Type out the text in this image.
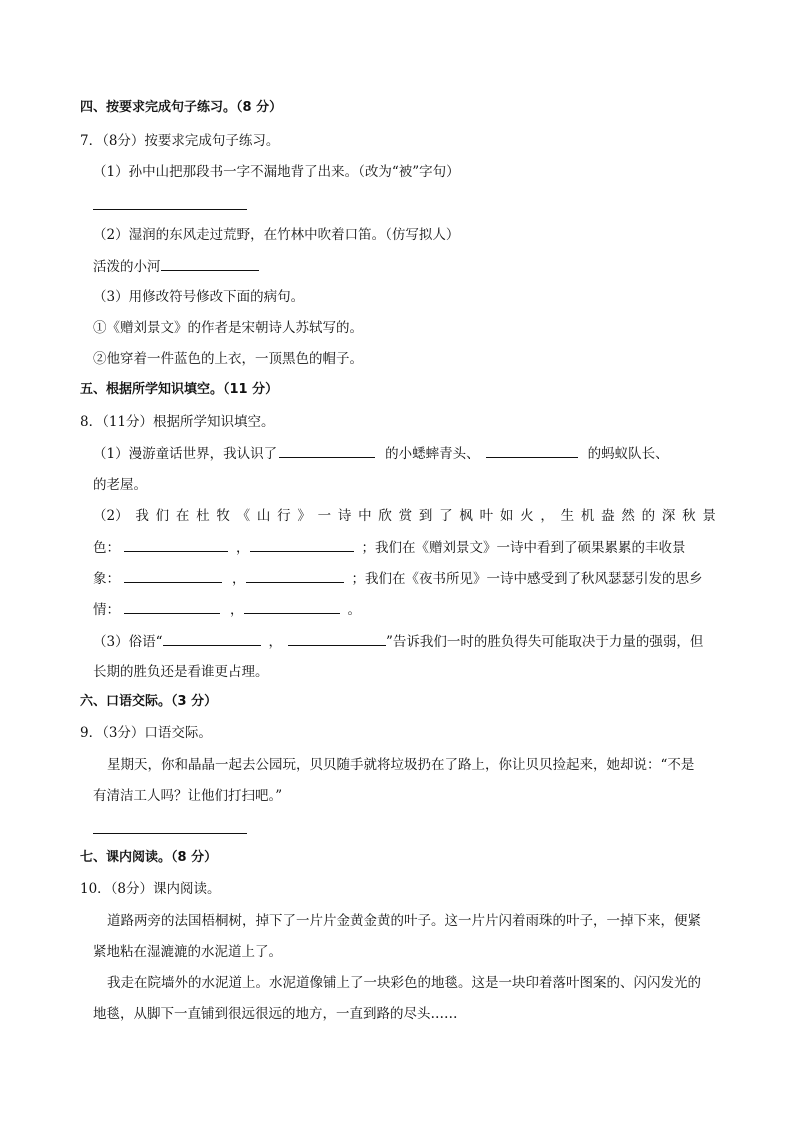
四、按要求完成句子练习。（8 分）
7．（8分）按要求完成句子练习。
（1）孙中山把那段书一字不漏地背了出来。（改为“被”字句）
（2）湿润的东风走过荒野，在竹林中吹着口笛。（仿写拟人）
活泼的小河
（3）用修改符号修改下面的病句。
①《赠刘景文》的作者是宋朝诗人苏轼写的。
②他穿着一件蓝色的上衣，一顶黑色的帽子。
五、根据所学知识填空。（11 分）
8．（11分）根据所学知识填空。
（1）漫游童话世界，我认识了	的小蟋蟀青头、	的蚂蚁队长、
的老屋。
（2） 我 们 在 杜 牧 《 山 行 》 一 诗 中 欣 赏 到 了 枫 叶 如 火 ， 生 机 盎 然 的 深 秋 景
色：	，	；我们在《赠刘景文》一诗中看到了硕果累累的丰收景
象：	，	；我们在《夜书所见》一诗中感受到了秋风瑟瑟引发的思乡
情：	，	。
（3）俗语“	，	”告诉我们一时的胜负得失可能取决于力量的强弱，但
长期的胜负还是看谁更占理。
六、口语交际。（3 分）
9．（3分）口语交际。
星期天，你和晶晶一起去公园玩，贝贝随手就将垃圾扔在了路上，你让贝贝捡起来，她却说：“不是
有清洁工人吗？让他们打扫吧。”
七、课内阅读。（8 分）
10．（8分）课内阅读。
道路两旁的法国梧桐树，掉下了一片片金黄金黄的叶子。这一片片闪着雨珠的叶子，一掉下来，便紧
紧地粘在湿漉漉的水泥道上了。
我走在院墙外的水泥道上。水泥道像铺上了一块彩色的地毯。这是一块印着落叶图案的、闪闪发光的
地毯，从脚下一直铺到很远很远的地方，一直到路的尽头……
